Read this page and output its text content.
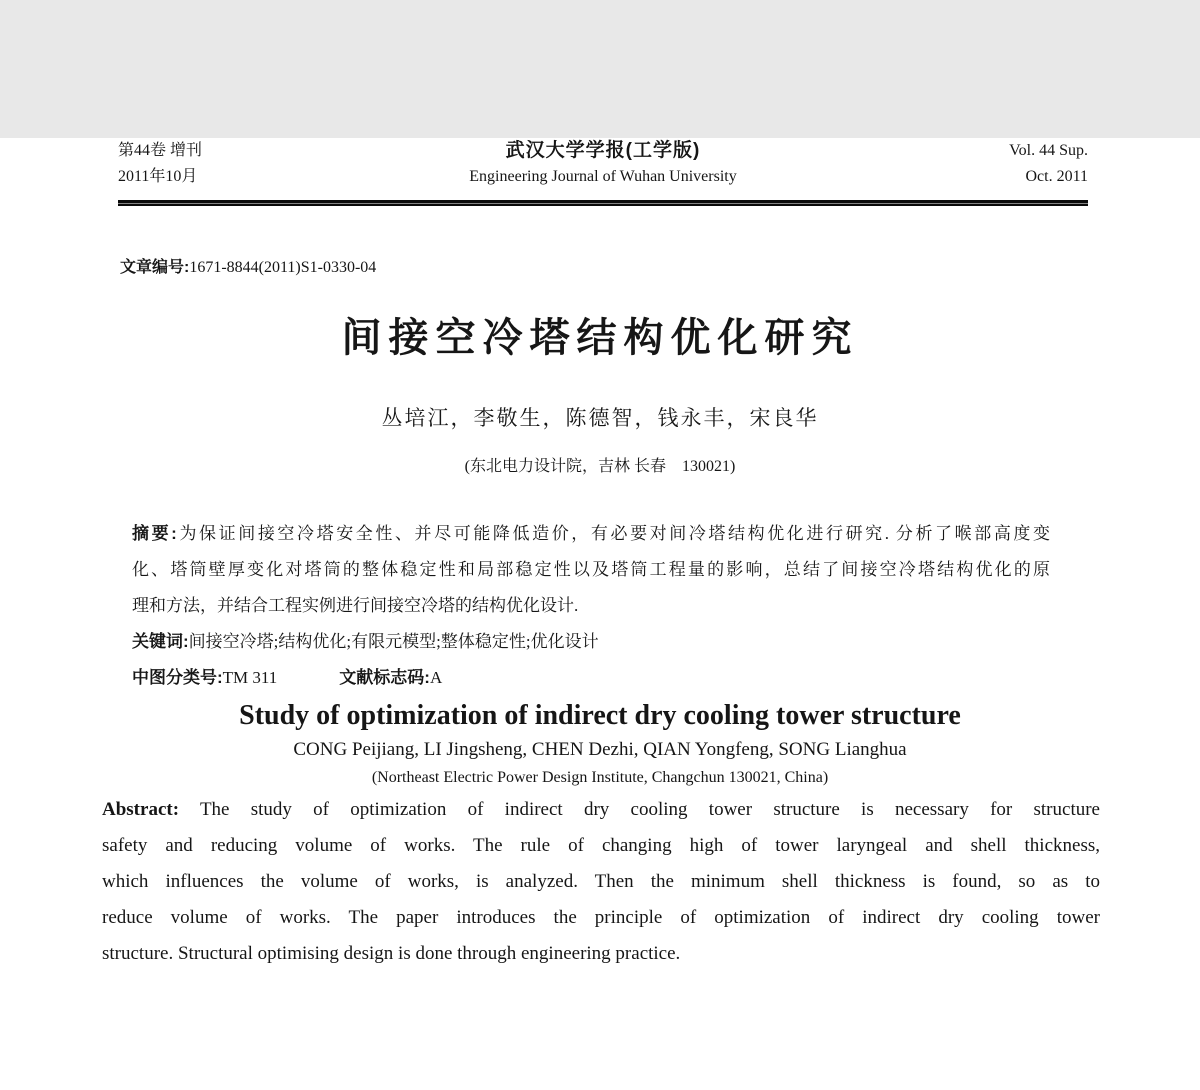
第44卷 增刊
2011年10月
武汉大学学报(工学版)
Engineering Journal of Wuhan University
Vol. 44 Sup.
Oct. 2011
文章编号:1671-8844(2011)S1-0330-04
间接空冷塔结构优化研究
丛培江，李敬生，陈德智，钱永丰，宋良华
(东北电力设计院，吉林 长春　130021)
摘要:为保证间接空冷塔安全性、并尽可能降低造价，有必要对间冷塔结构优化进行研究. 分析了喉部高度变
化、塔筒壁厚变化对塔筒的整体稳定性和局部稳定性以及塔筒工程量的影响，总结了间接空冷塔结构优化的原
理和方法，并结合工程实例进行间接空冷塔的结构优化设计.
关键词:间接空冷塔;结构优化;有限元模型;整体稳定性;优化设计
中图分类号:TM 311	文献标志码:A
Study of optimization of indirect dry cooling tower structure
CONG Peijiang, LI Jingsheng, CHEN Dezhi, QIAN Yongfeng, SONG Lianghua
(Northeast Electric Power Design Institute, Changchun 130021, China)
Abstract: The study of optimization of indirect dry cooling tower structure is necessary for structure
safety and reducing volume of works. The rule of changing high of tower laryngeal and shell thickness,
which influences the volume of works, is analyzed. Then the minimum shell thickness is found, so as to
reduce volume of works. The paper introduces the principle of optimization of indirect dry cooling tower
structure. Structural optimising design is done through engineering practice.
